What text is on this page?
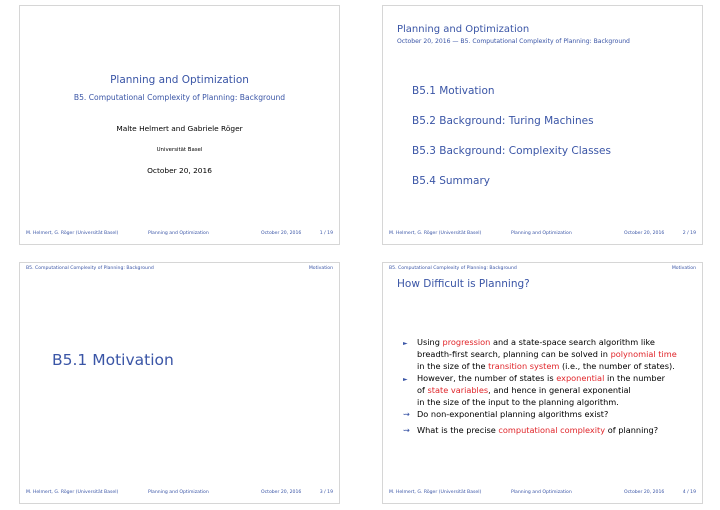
Planning and Optimization
B5. Computational Complexity of Planning: Background
Malte Helmert and Gabriele Röger
Universität Basel
October 20, 2016
M. Helmert, G. Röger (Universität Basel)	Planning and Optimization	October 20, 2016	1 / 19
Planning and Optimization
October 20, 2016 — B5. Computational Complexity of Planning: Background
B5.1 Motivation
B5.2 Background: Turing Machines
B5.3 Background: Complexity Classes
B5.4 Summary
M. Helmert, G. Röger (Universität Basel)	Planning and Optimization	October 20, 2016	2 / 19
B5. Computational Complexity of Planning: Background	Motivation
B5.1 Motivation
M. Helmert, G. Röger (Universität Basel)	Planning and Optimization	October 20, 2016	3 / 19
B5. Computational Complexity of Planning: Background	Motivation
How Difficult is Planning?
► Using progression and a state-space search algorithm like
breadth-first search, planning can be solved in polynomial time
in the size of the transition system (i.e., the number of states).
► However, the number of states is exponential in the number
of state variables, and hence in general exponential
in the size of the input to the planning algorithm.
⇝ Do non-exponential planning algorithms exist?
⇝ What is the precise computational complexity of planning?
M. Helmert, G. Röger (Universität Basel)	Planning and Optimization	October 20, 2016	4 / 19
